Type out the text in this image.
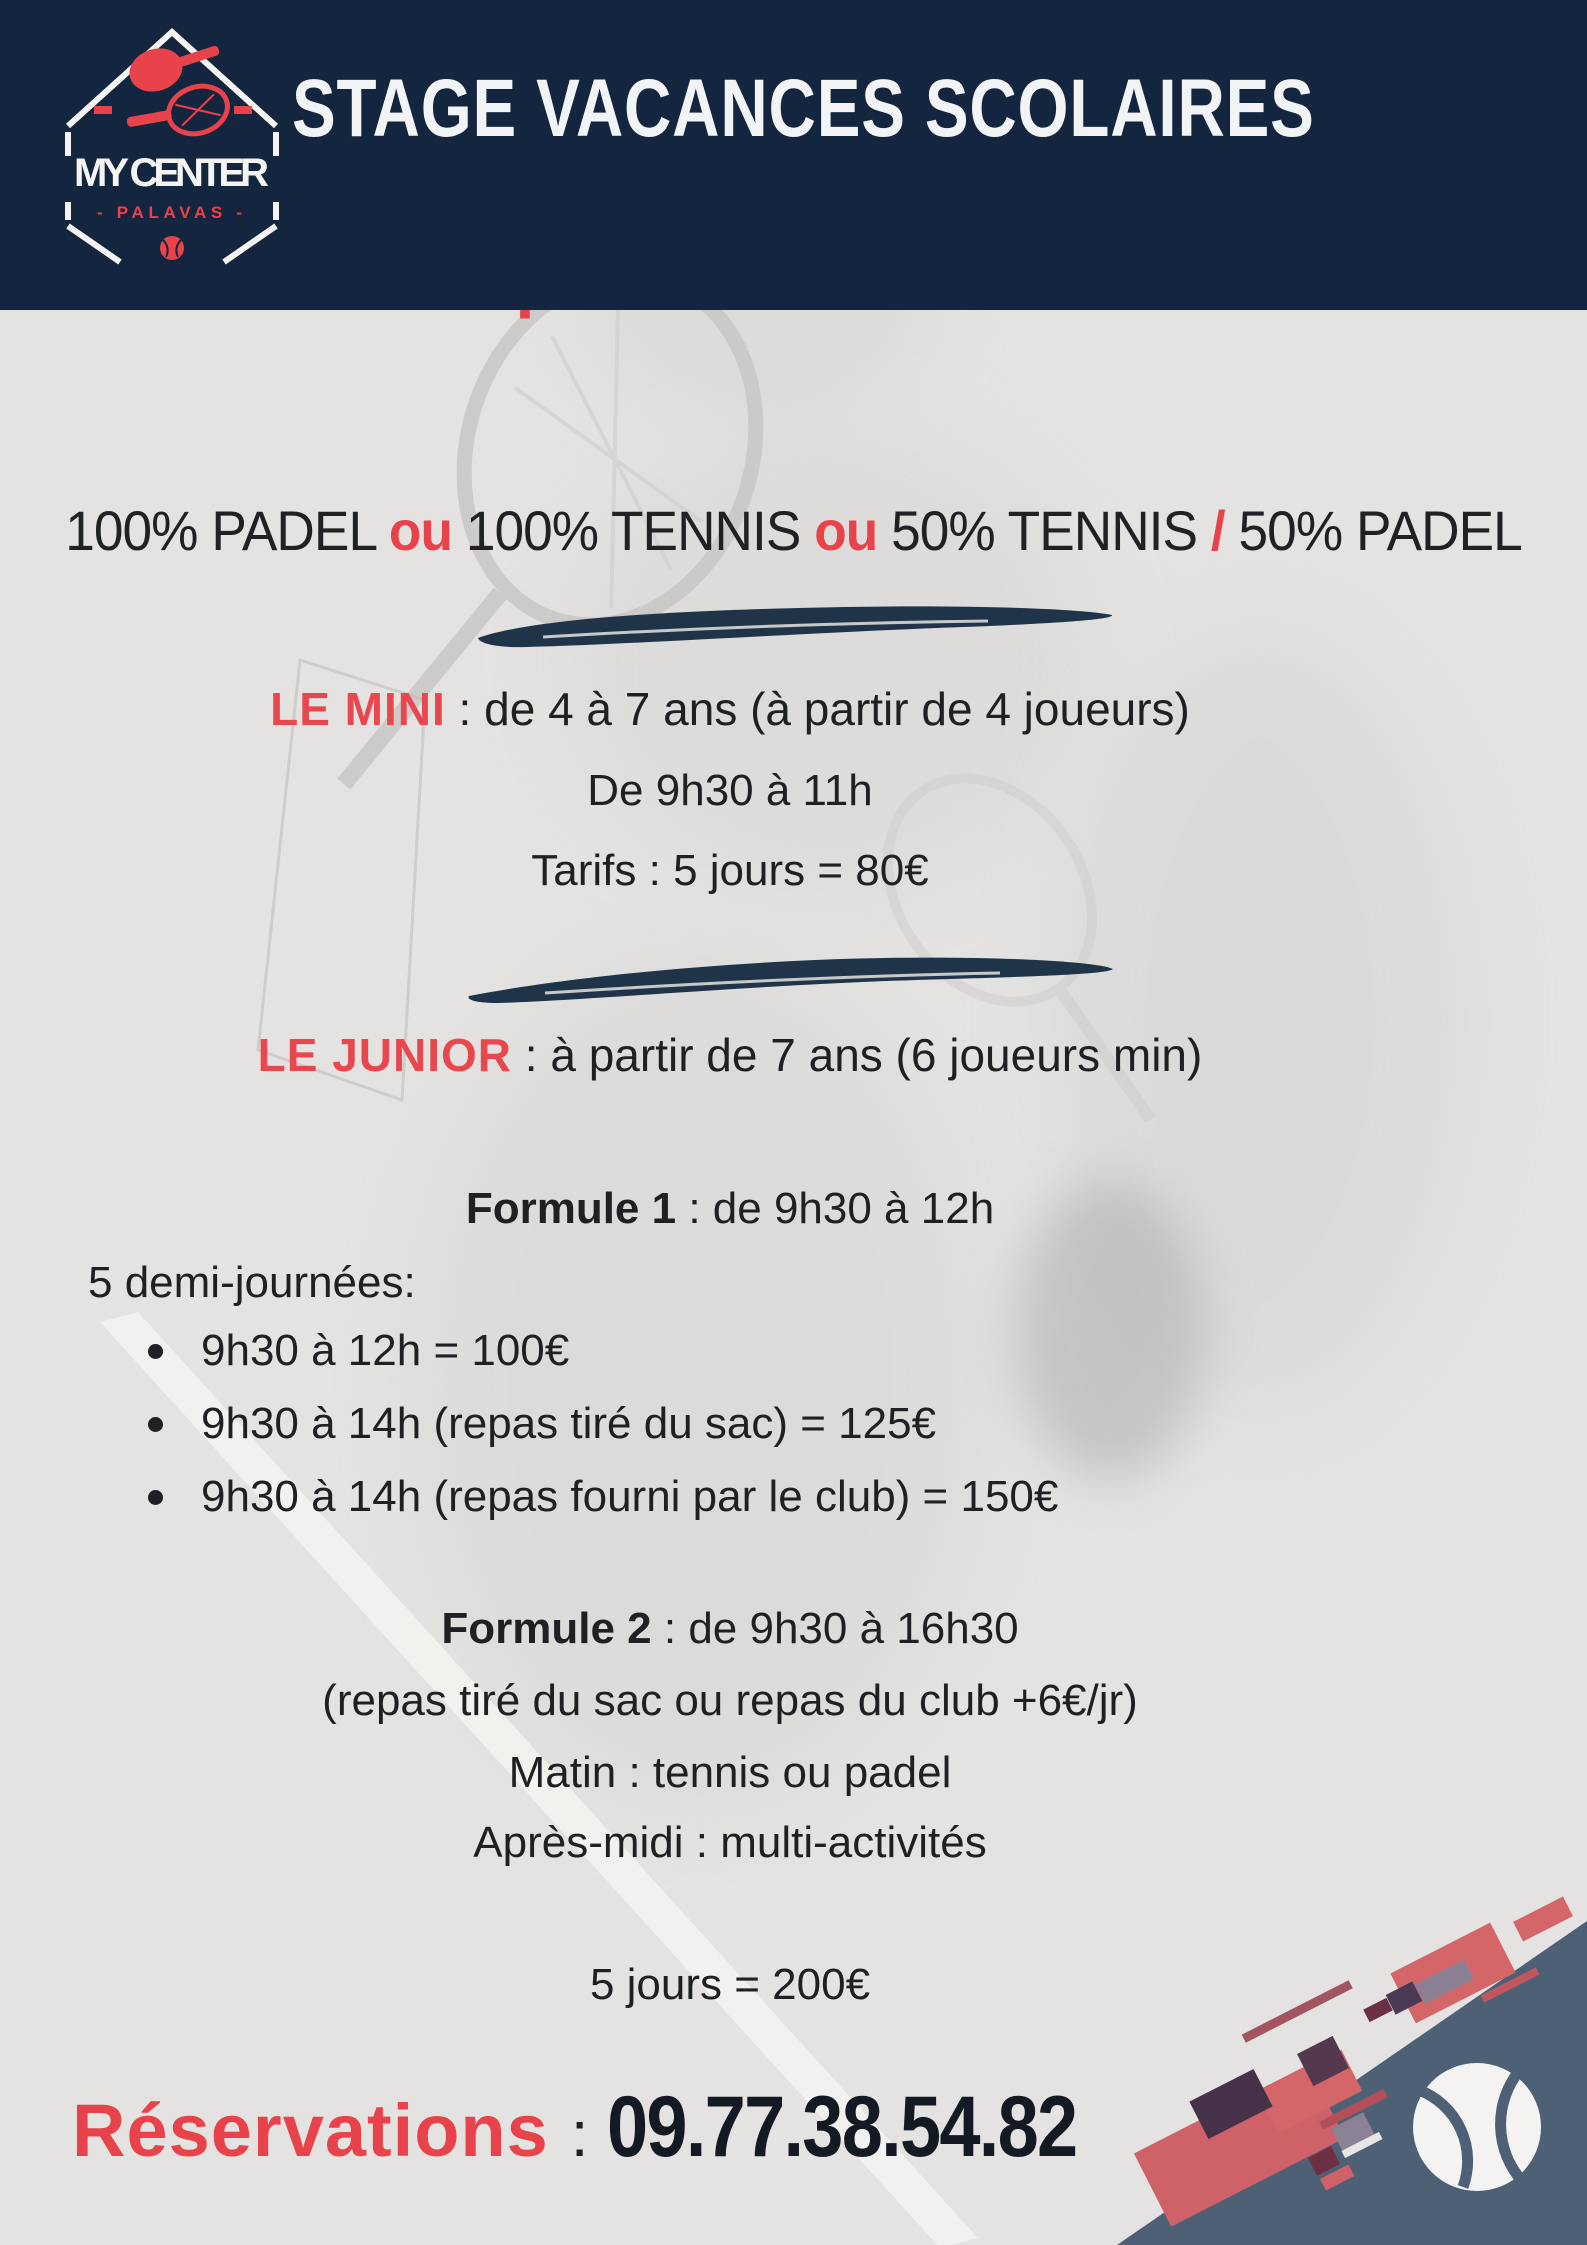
MY CENTER
- PALAVAS -
STAGE VACANCES SCOLAIRES
100% PADEL ou 100% TENNIS ou 50% TENNIS / 50% PADEL
LE MINI : de 4 à 7 ans (à partir de 4 joueurs)
De 9h30 à 11h
Tarifs : 5 jours = 80€
LE JUNIOR : à partir de 7 ans (6 joueurs min)
Formule 1 : de 9h30 à 12h
5 demi-journées:
9h30 à 12h = 100€
9h30 à 14h (repas tiré du sac) = 125€
9h30 à 14h (repas fourni par le club) = 150€
Formule 2 : de 9h30 à 16h30
(repas tiré du sac ou repas du club +6€/jr)
Matin : tennis ou padel
Après-midi : multi-activités
5 jours = 200€
Réservations : 09.77.38.54.82
